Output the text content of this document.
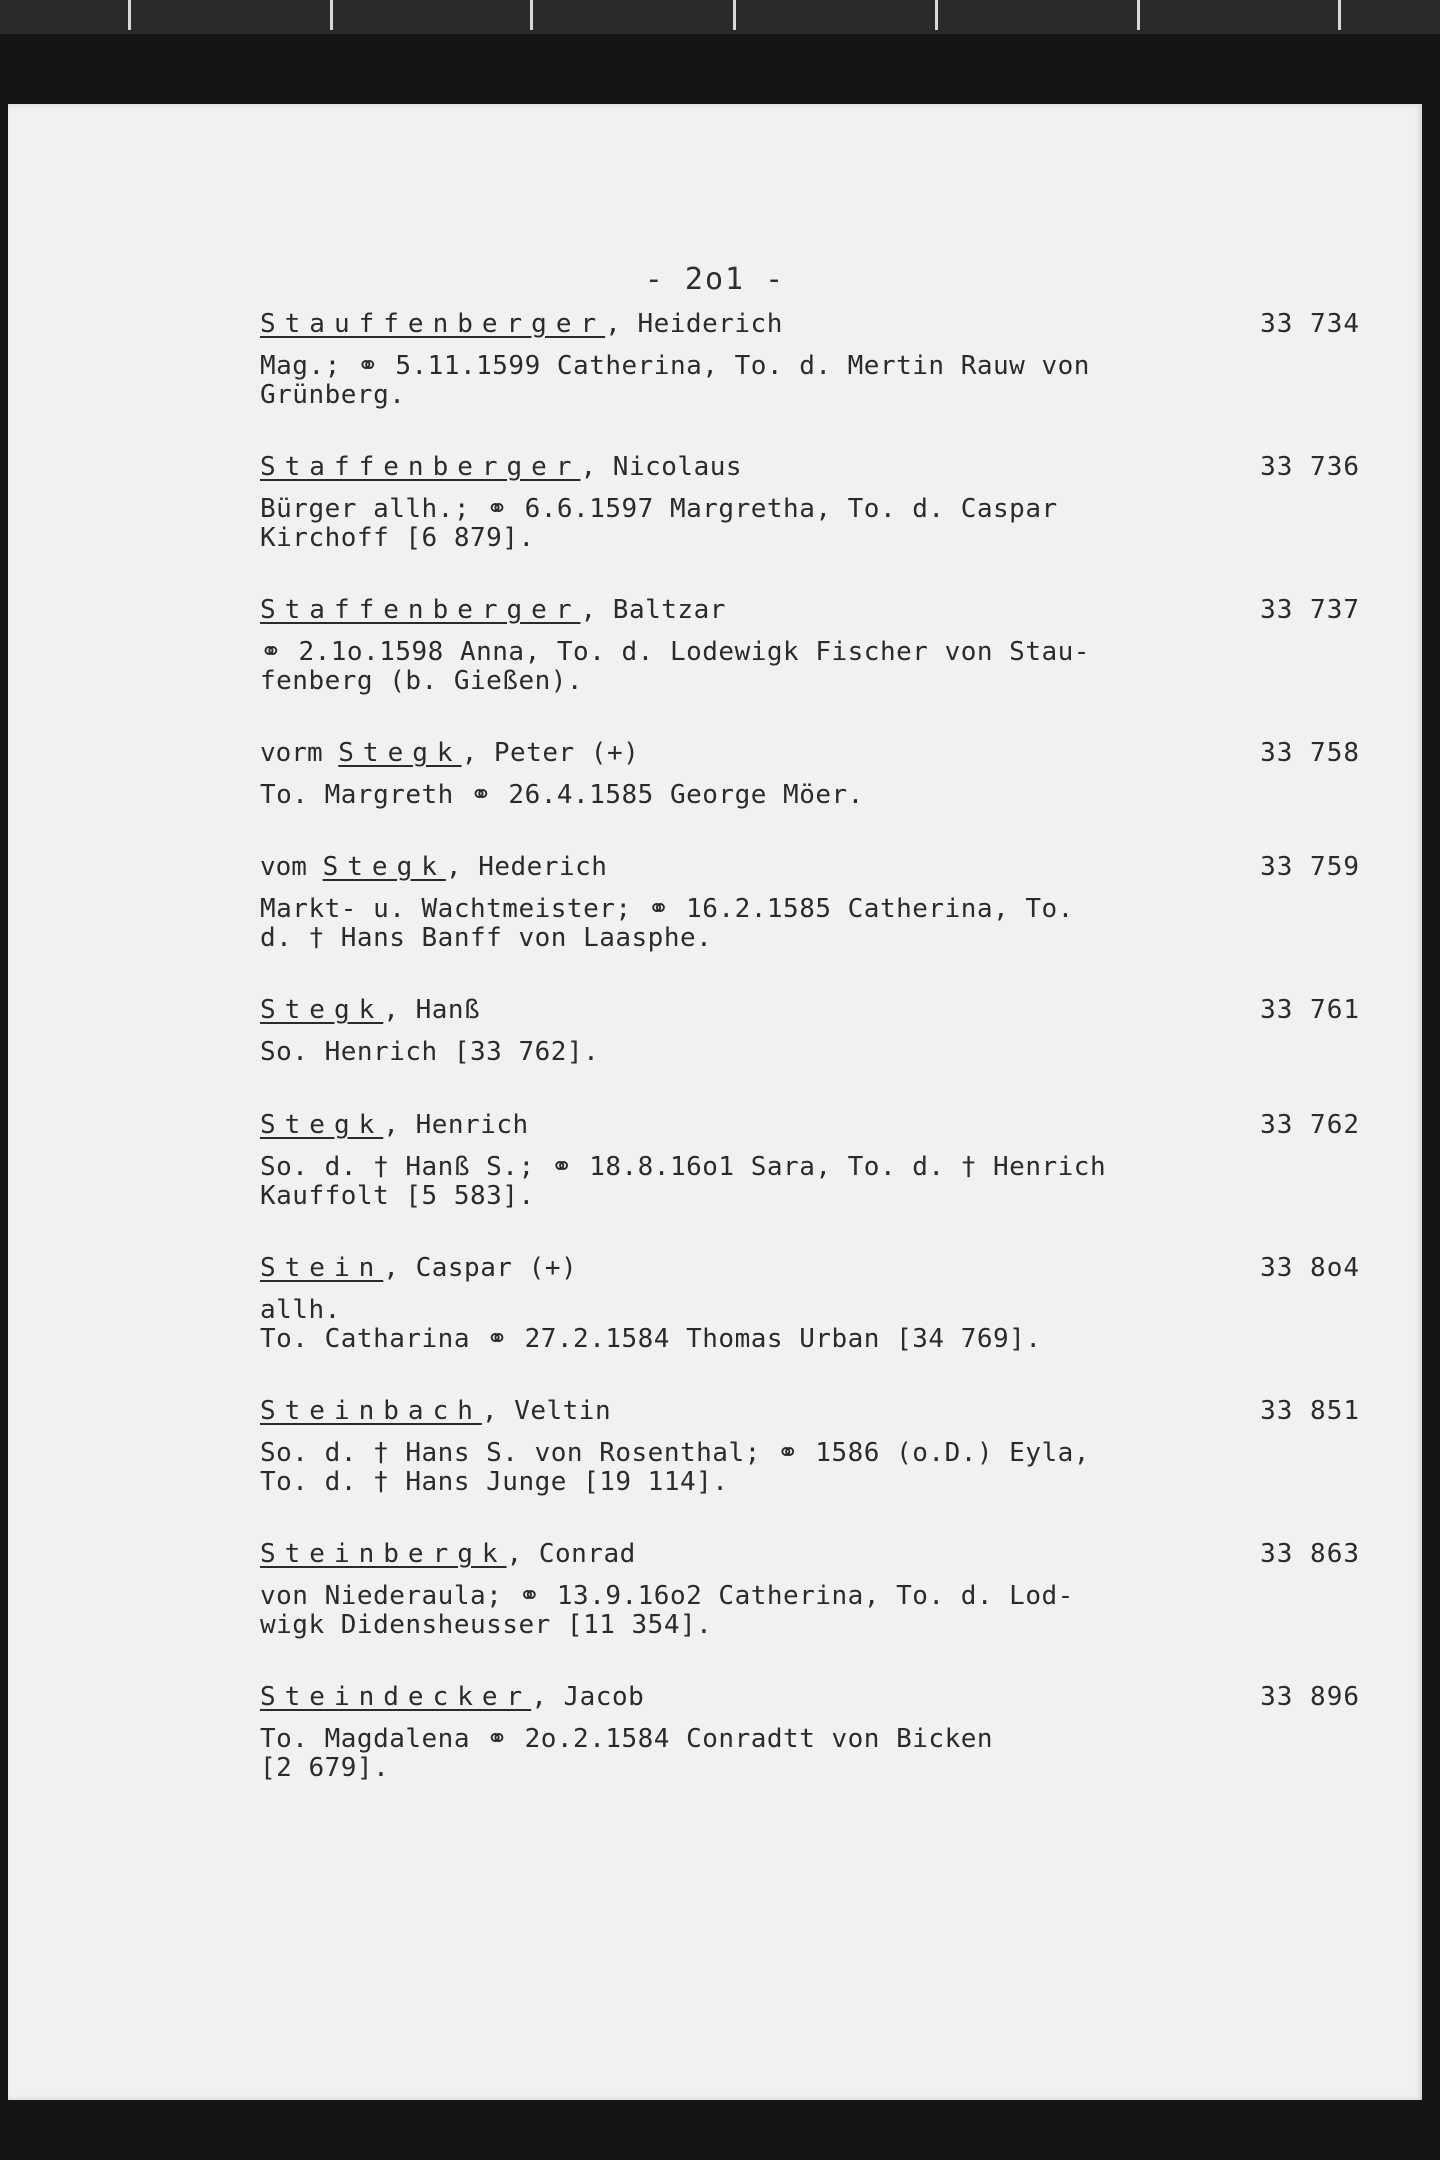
- 2o1 -
Stauffenberger, Heiderich	33 734
Mag.; ⚭ 5.11.1599 Catherina, To. d. Mertin Rauw von
Grünberg.
Staffenberger, Nicolaus	33 736
Bürger allh.; ⚭ 6.6.1597 Margretha, To. d. Caspar
Kirchoff [6 879].
Staffenberger, Baltzar	33 737
⚭ 2.1o.1598 Anna, To. d. Lodewigk Fischer von Stau-
fenberg (b. Gießen).
vorm Stegk, Peter (+)	33 758
To. Margreth ⚭ 26.4.1585 George Möer.
vom Stegk, Hederich	33 759
Markt- u. Wachtmeister; ⚭ 16.2.1585 Catherina, To.
d. † Hans Banff von Laasphe.
Stegk, Hanß	33 761
So. Henrich [33 762].
Stegk, Henrich	33 762
So. d. † Hanß S.; ⚭ 18.8.16o1 Sara, To. d. † Henrich
Kauffolt [5 583].
Stein, Caspar (+)	33 8o4
allh.
To. Catharina ⚭ 27.2.1584 Thomas Urban [34 769].
Steinbach, Veltin	33 851
So. d. † Hans S. von Rosenthal; ⚭ 1586 (o.D.) Eyla,
To. d. † Hans Junge [19 114].
Steinbergk, Conrad	33 863
von Niederaula; ⚭ 13.9.16o2 Catherina, To. d. Lod-
wigk Didensheusser [11 354].
Steindecker, Jacob	33 896
To. Magdalena ⚭ 2o.2.1584 Conradtt von Bicken
[2 679].
